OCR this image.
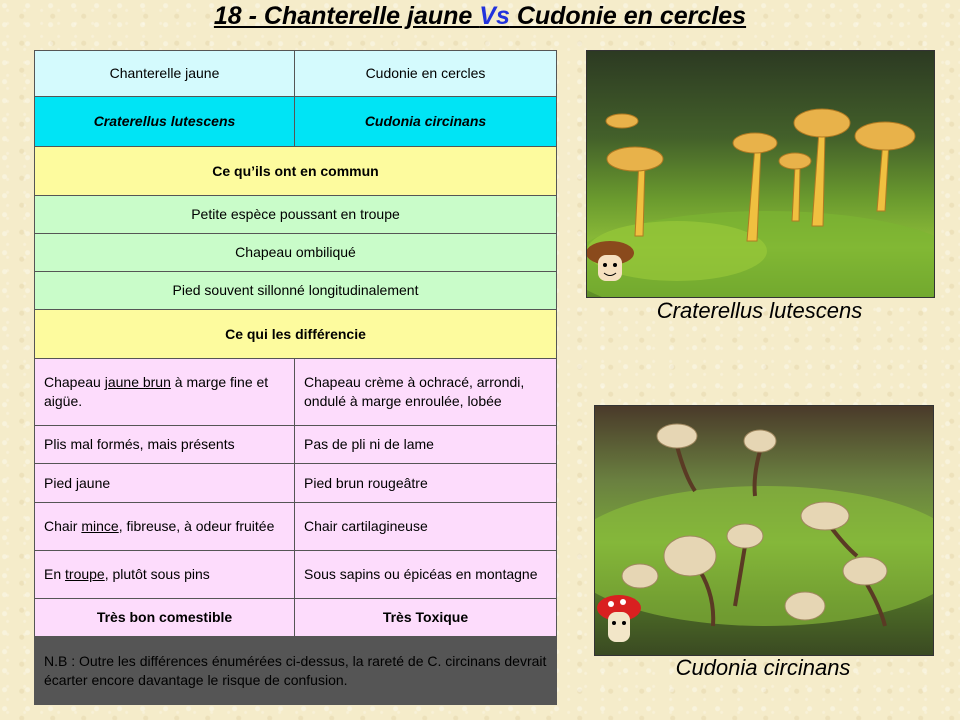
18 - Chanterelle jaune Vs Cudonie en cercles
Chanterelle jaune	Cudonie en cercles
Craterellus lutescens	Cudonia circinans
Ce qu’ils ont en commun	
Petite espèce poussant en troupe	
Chapeau ombiliqué	
Pied souvent sillonné longitudinalement	
Ce qui les différencie	
Chapeau jaune brun à marge fine et aigüe.	Chapeau crème à ochracé, arrondi, ondulé à marge enroulée, lobée
Plis mal formés, mais présents	Pas de pli ni de lame
Pied jaune	Pied brun rougeâtre
Chair mince, fibreuse, à odeur fruitée	Chair cartilagineuse
En troupe, plutôt sous pins	Sous sapins ou épicéas en montagne
Très bon comestible	Très Toxique
N.B : Outre les différences énumérées ci-dessus, la rareté de C. circinans devrait écarter encore davantage le risque de confusion.	
Craterellus lutescens
Cudonia circinans
